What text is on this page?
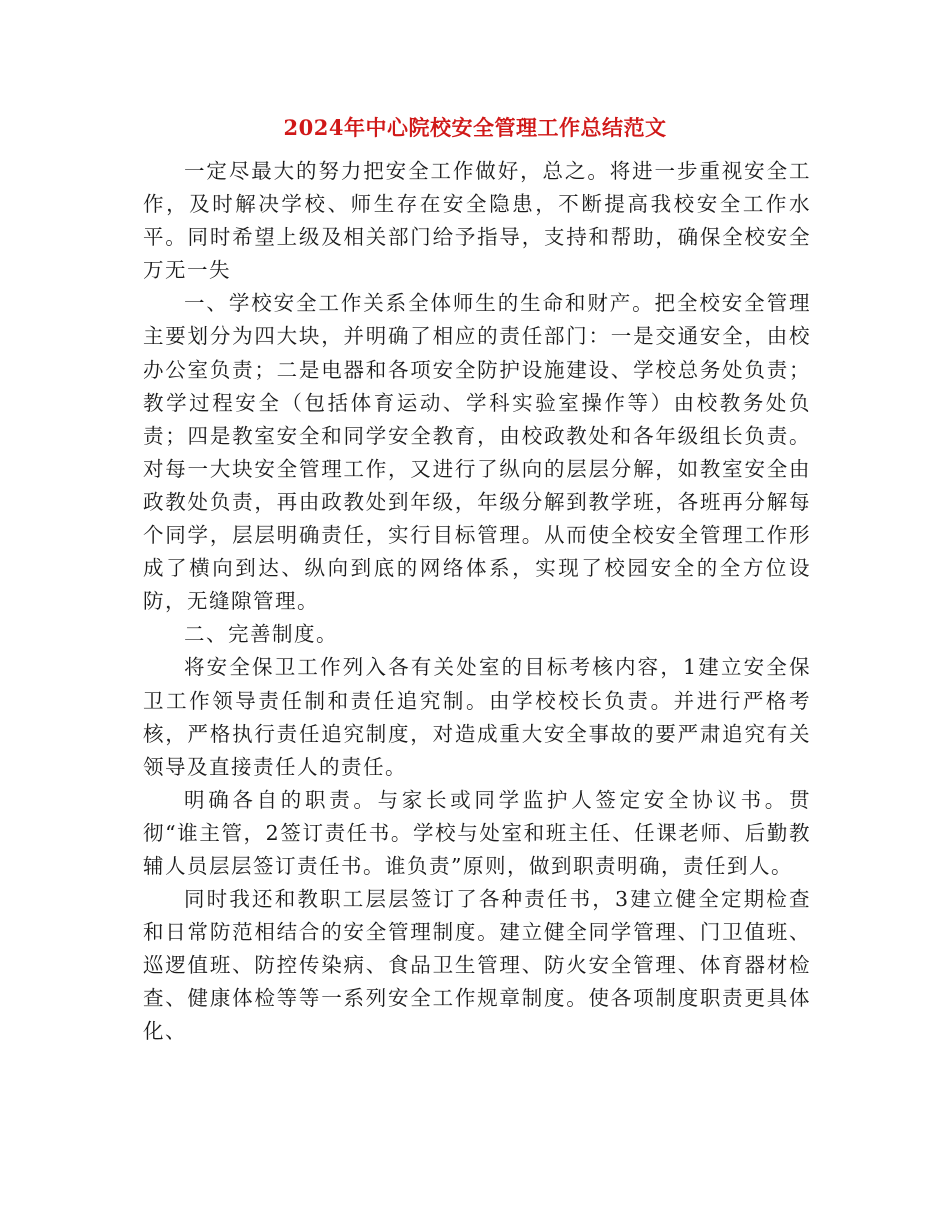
2024年中心院校安全管理工作总结范文

一定尽最大的努力把安全工作做好，总之。将进一步重视安全工作，及时解决学校、师生存在安全隐患，不断提高我校安全工作水平。同时希望上级及相关部门给予指导，支持和帮助，确保全校安全万无一失

一、学校安全工作关系全体师生的生命和财产。把全校安全管理主要划分为四大块，并明确了相应的责任部门：一是交通安全，由校办公室负责；二是电器和各项安全防护设施建设、学校总务处负责；教学过程安全（包括体育运动、学科实验室操作等）由校教务处负责；四是教室安全和同学安全教育，由校政教处和各年级组长负责。对每一大块安全管理工作，又进行了纵向的层层分解，如教室安全由政教处负责，再由政教处到年级，年级分解到教学班，各班再分解每个同学，层层明确责任，实行目标管理。从而使全校安全管理工作形成了横向到达、纵向到底的网络体系，实现了校园安全的全方位设防，无缝隙管理。

二、完善制度。

将安全保卫工作列入各有关处室的目标考核内容，1建立安全保卫工作领导责任制和责任追究制。由学校校长负责。并进行严格考核，严格执行责任追究制度，对造成重大安全事故的要严肃追究有关领导及直接责任人的责任。

明确各自的职责。与家长或同学监护人签定安全协议书。贯彻“谁主管，2签订责任书。学校与处室和班主任、任课老师、后勤教辅人员层层签订责任书。谁负责”原则，做到职责明确，责任到人。

同时我还和教职工层层签订了各种责任书，3建立健全定期检查和日常防范相结合的安全管理制度。建立健全同学管理、门卫值班、巡逻值班、防控传染病、食品卫生管理、防火安全管理、体育器材检查、健康体检等等一系列安全工作规章制度。使各项制度职责更具体化、
